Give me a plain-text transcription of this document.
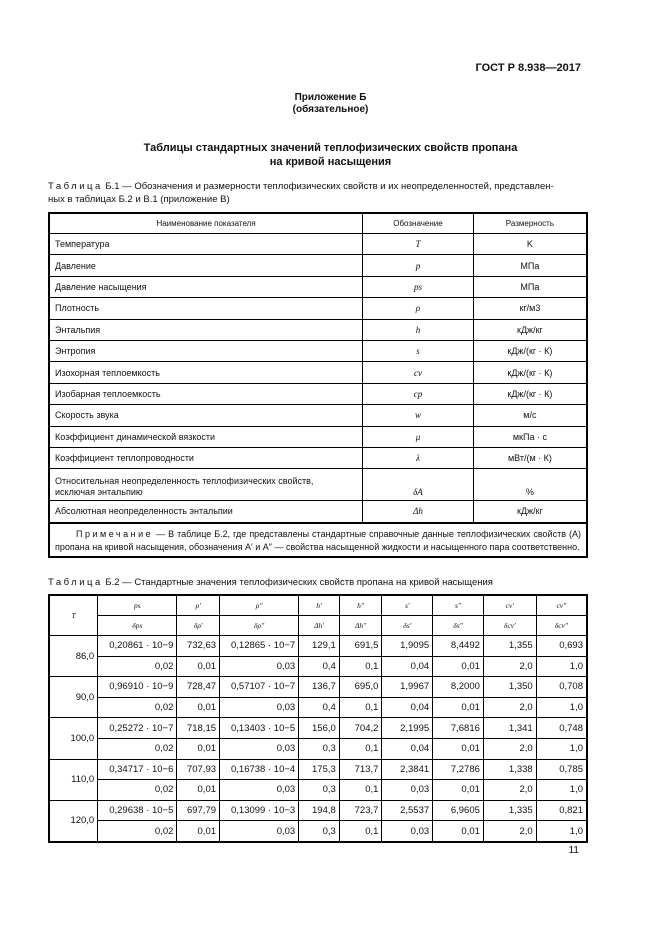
ГОСТ Р 8.938—2017
Приложение Б
(обязательное)
Таблицы стандартных значений теплофизических свойств пропана
на кривой насыщения
Таблица Б.1 — Обозначения и размерности теплофизических свойств и их неопределенностей, представлен-
ных в таблицах Б.2 и В.1 (приложение В)
Наименование показателя	Обозначение	Размерность
Температура	T	K
Давление	p	МПа
Давление насыщения	ps	МПа
Плотность	ρ	кг/м3
Энтальпия	h	кДж/кг
Энтропия	s	кДж/(кг · К)
Изохорная теплоемкость	cv	кДж/(кг · К)
Изобарная теплоемкость	cp	кДж/(кг · К)
Скорость звука	w	м/с
Коэффициент динамической вязкости	μ	мкПа · с
Коэффициент теплопроводности	λ	мВт/(м · К)
Относительная неопределенность теплофизических свойств,
исключая энтальпию	δA	%
Абсолютная неопределенность энтальпии	Δh	кДж/кг
Примечание — В таблице Б.2, где представлены стандартные справочные данные теплофизических свойств (A) пропана на кривой насыщения, обозначения A′ и A″ — свойства насыщенной жидкости и насыщенного пара соответственно.		
Таблица Б.2 — Стандартные значения теплофизических свойств пропана на кривой насыщения
T	ps	ρ′	ρ″	h′	h″	s′	s″	cv′	cv″
	δps	δρ′	δρ″	Δh′	Δh″	δs′	δs″	δcv′	δcv″
86,0	0,20861 · 10−9	732,63	0,12865 · 10−7	129,1	691,5	1,9095	8,4492	1,355	0,693
	0,02	0,01	0,03	0,4	0,1	0,04	0,01	2,0	1,0
90,0	0,96910 · 10−9	728,47	0,57107 · 10−7	136,7	695,0	1,9967	8,2000	1,350	0,708
	0,02	0,01	0,03	0,4	0,1	0,04	0,01	2,0	1,0
100,0	0,25272 · 10−7	718,15	0,13403 · 10−5	156,0	704,2	2,1995	7,6816	1,341	0,748
	0,02	0,01	0,03	0,3	0,1	0,04	0,01	2,0	1,0
110,0	0,34717 · 10−6	707,93	0,16738 · 10−4	175,3	713,7	2,3841	7,2786	1,338	0,785
	0,02	0,01	0,03	0,3	0,1	0,03	0,01	2,0	1,0
120,0	0,29638 · 10−5	697,79	0,13099 · 10−3	194,8	723,7	2,5537	6,9605	1,335	0,821
	0,02	0,01	0,03	0,3	0,1	0,03	0,01	2,0	1,0
11
